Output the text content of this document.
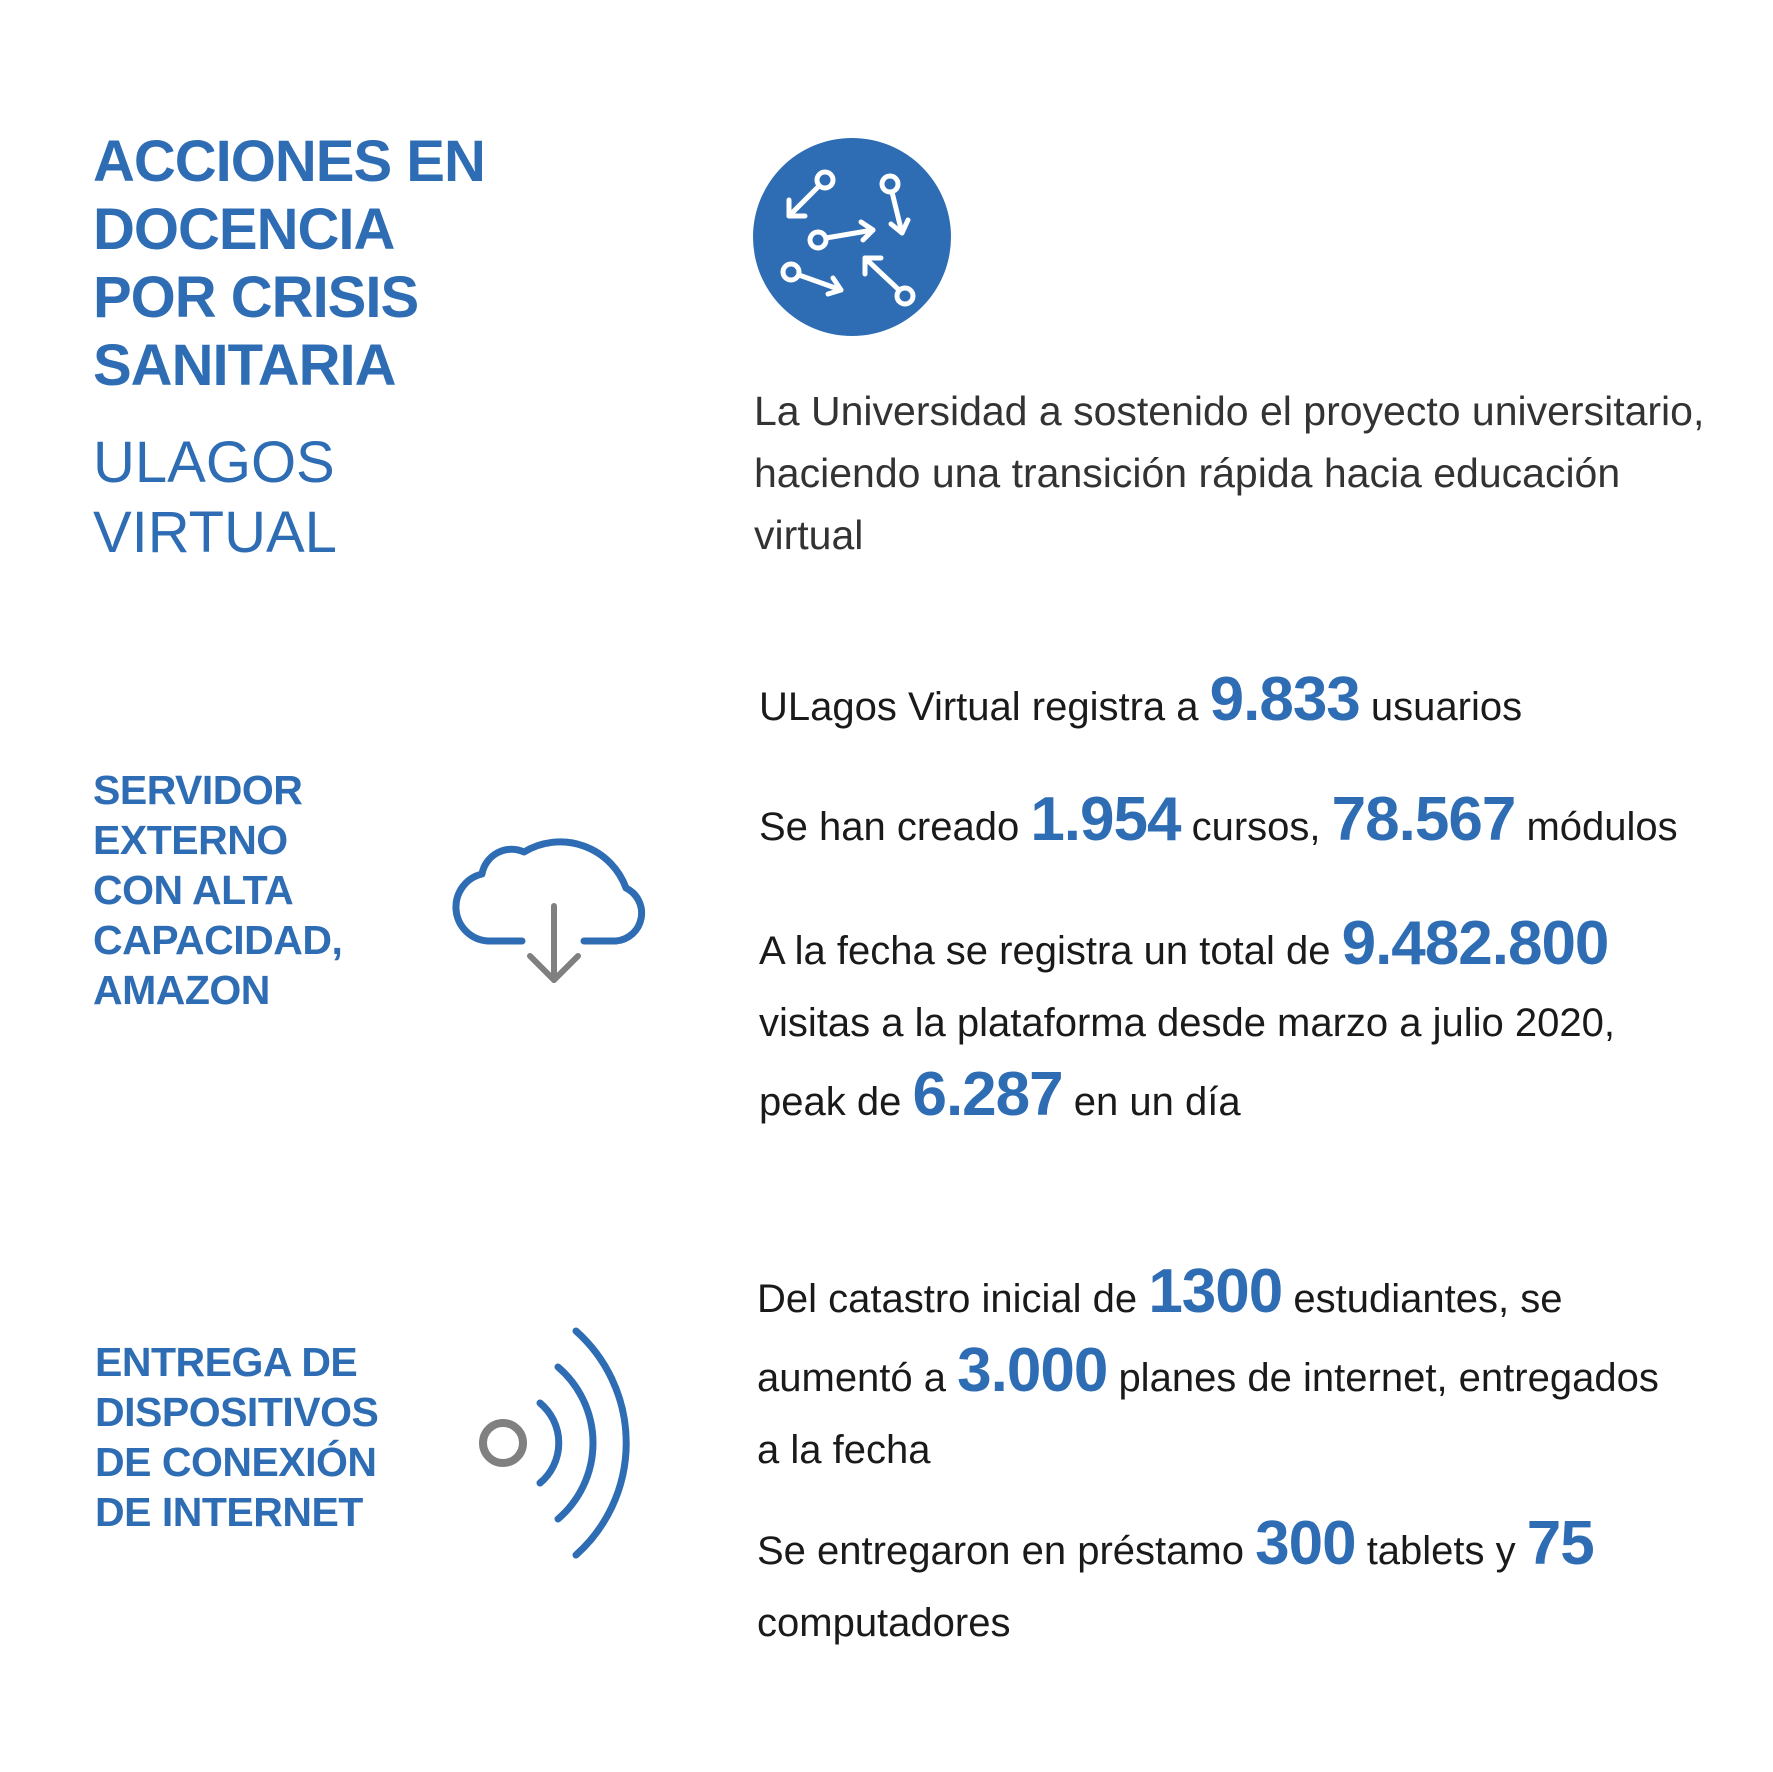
ACCIONES EN
DOCENCIA
POR CRISIS
SANITARIA
ULAGOS
VIRTUAL

La Universidad a sostenido el proyecto universitario, haciendo una transición rápida hacia educación virtual

SERVIDOR
EXTERNO
CON ALTA
CAPACIDAD,
AMAZON

ULagos Virtual registra a 9.833 usuarios

Se han creado 1.954 cursos, 78.567 módulos

A la fecha se registra un total de 9.482.800
visitas a la plataforma desde marzo a julio 2020,
peak de 6.287 en un día
ENTREGA DE
DISPOSITIVOS
DE CONEXIÓN
DE INTERNET
Del catastro inicial de 1300 estudiantes, se
aumentó a 3.000 planes de internet, entregados
a la fecha
Se entregaron en préstamo 300 tablets y 75
computadores
